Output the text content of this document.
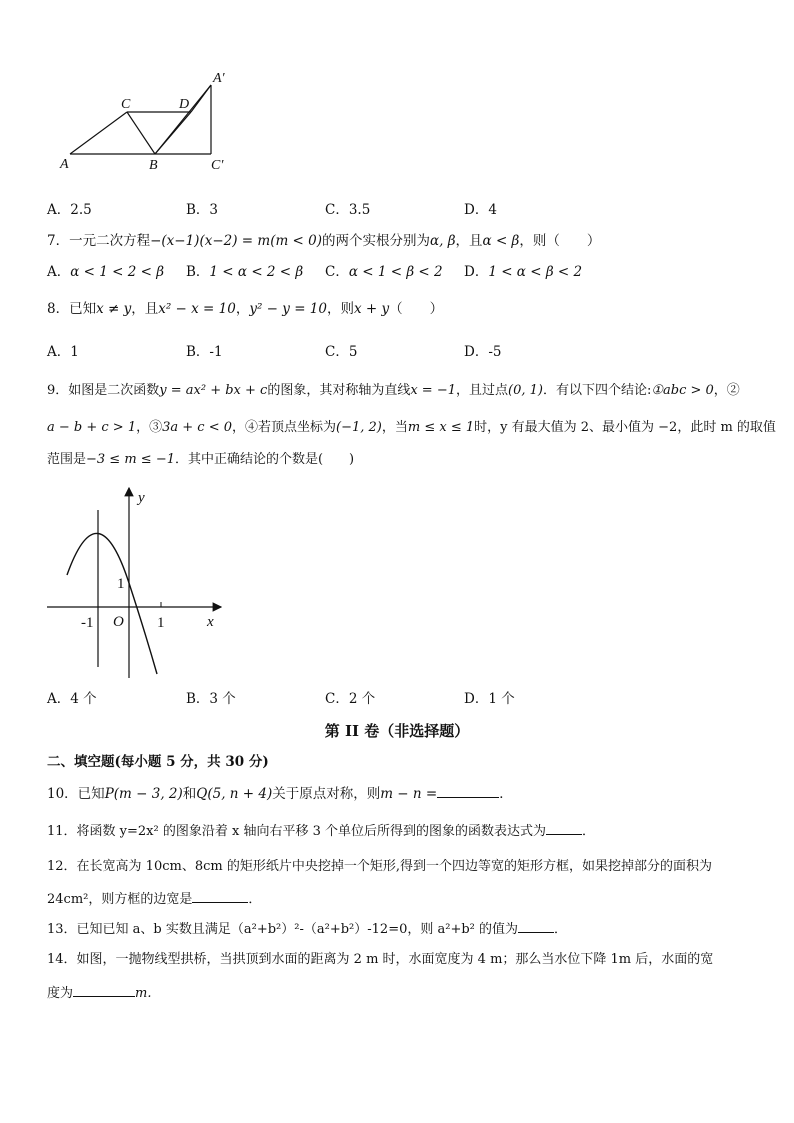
A	B
C	D
A′
C′
A．2.5	B．3	C．3.5	D．4
7．一元二次方程−(x−1)(x−2) = m(m < 0)的两个实根分别为α, β，且α < β，则（　　）
A．α < 1 < 2 < β B．1 < α < 2 < β C．α < 1 < β < 2 D．1 < α < β < 2
8．已知x ≠ y，且x² − x = 10，y² − y = 10，则x + y（　　）
A．1	B．-1	C．5	D．-5
9．如图是二次函数y = ax² + bx + c的图象，其对称轴为直线x = −1，且过点(0, 1)．有以下四个结论:①abc > 0，②
a − b + c > 1，③3a + c < 0，④若顶点坐标为(−1, 2)，当m ≤ x ≤ 1时，y 有最大值为 2、最小值为 −2，此时 m 的取值
范围是−3 ≤ m ≤ −1．其中正确结论的个数是(　　)
y
x
O
-1	1
1
A．4 个	B．3 个	C．2 个	D．1 个
第 II 卷（非选择题）
二、填空题(每小题 5 分，共 30 分)
10．已知P(m − 3, 2)和Q(5, n + 4)关于原点对称，则m − n =	．
11．将函数 y=2x² 的图象沿着 x 轴向右平移 3 个单位后所得到的图象的函数表达式为	．
12．在长宽高为 10cm、8cm 的矩形纸片中央挖掉一个矩形,得到一个四边等宽的矩形方框，如果挖掉部分的面积为
24cm²，则方框的边宽是	．
13．已知已知 a、b 实数且满足（a²+b²）²-（a²+b²）-12=0，则 a²+b² 的值为	．
14．如图，一抛物线型拱桥，当拱顶到水面的距离为 2 m 时，水面宽度为 4 m；那么当水位下降 1m 后，水面的宽
度为	m.
